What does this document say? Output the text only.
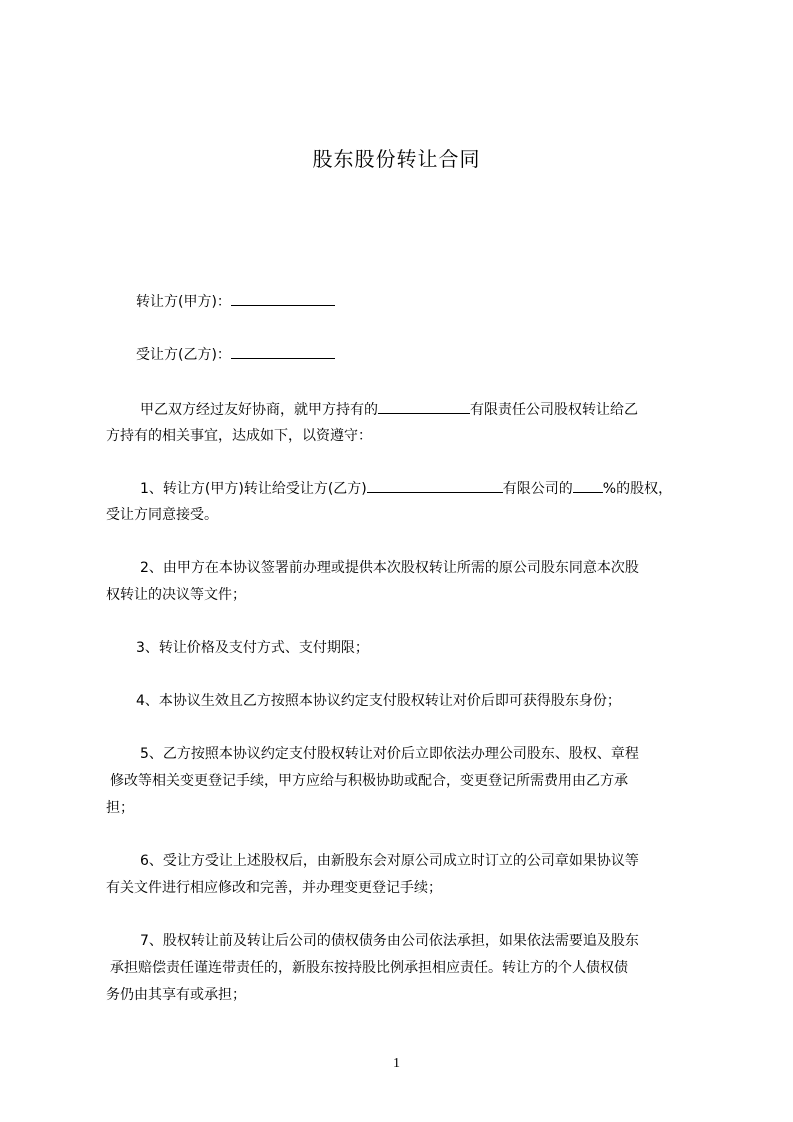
股东股份转让合同
转让方(甲方)：
受让方(乙方)：
甲乙双方经过友好协商，就甲方持有的	有限责任公司股权转让给乙
方持有的相关事宜，达成如下，以资遵守：
1、转让方(甲方)转让给受让方(乙方)	有限公司的 %的股权，
受让方同意接受。
2、由甲方在本协议签署前办理或提供本次股权转让所需的原公司股东同意本次股
权转让的决议等文件；
3、转让价格及支付方式、支付期限；
4、本协议生效且乙方按照本协议约定支付股权转让对价后即可获得股东身份；
5、乙方按照本协议约定支付股权转让对价后立即依法办理公司股东、股权、章程
修改等相关变更登记手续，甲方应给与积极协助或配合，变更登记所需费用由乙方承
担；
6、受让方受让上述股权后，由新股东会对原公司成立时订立的公司章如果协议等
有关文件进行相应修改和完善，并办理变更登记手续；
7、股权转让前及转让后公司的债权债务由公司依法承担，如果依法需要追及股东
承担赔偿责任谨连带责任的，新股东按持股比例承担相应责任。转让方的个人债权债
务仍由其享有或承担；
1
